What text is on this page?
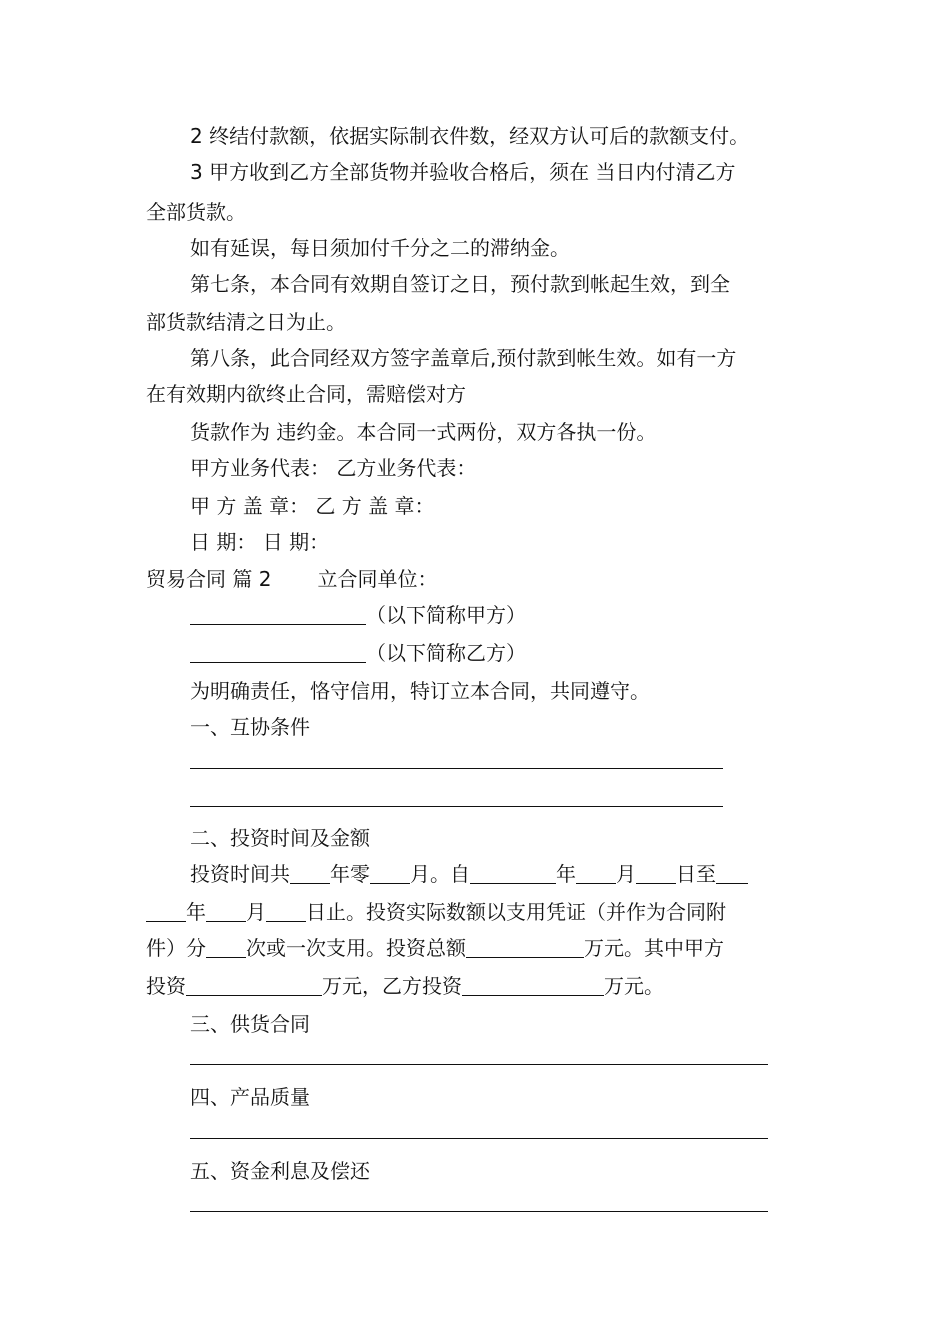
2 终结付款额，依据实际制衣件数，经双方认可后的款额支付。
3 甲方收到乙方全部货物并验收合格后，须在 当日内付清乙方
全部货款。
如有延误，每日须加付千分之二的滞纳金。
第七条，本合同有效期自签订之日，预付款到帐起生效，到全
部货款结清之日为止。
第八条，此合同经双方签字盖章后,预付款到帐生效。如有一方
在有效期内欲终止合同，需赔偿对方
货款作为 违约金。本合同一式两份，双方各执一份。
甲方业务代表： 乙方业务代表：
甲 方 盖 章： 乙 方 盖 章：
日 期： 日 期：
贸易合同 篇 2 立合同单位：
（以下简称甲方）
（以下简称乙方）
为明确责任，恪守信用，特订立本合同，共同遵守。
一、互协条件
二、投资时间及金额
投资时间共 年零 月。自	年 月 日至
年 月 日止。投资实际数额以支用凭证（并作为合同附
件）分 次或一次支用。投资总额	万元。其中甲方
投资	万元，乙方投资	万元。
三、供货合同
四、产品质量
五、资金利息及偿还
